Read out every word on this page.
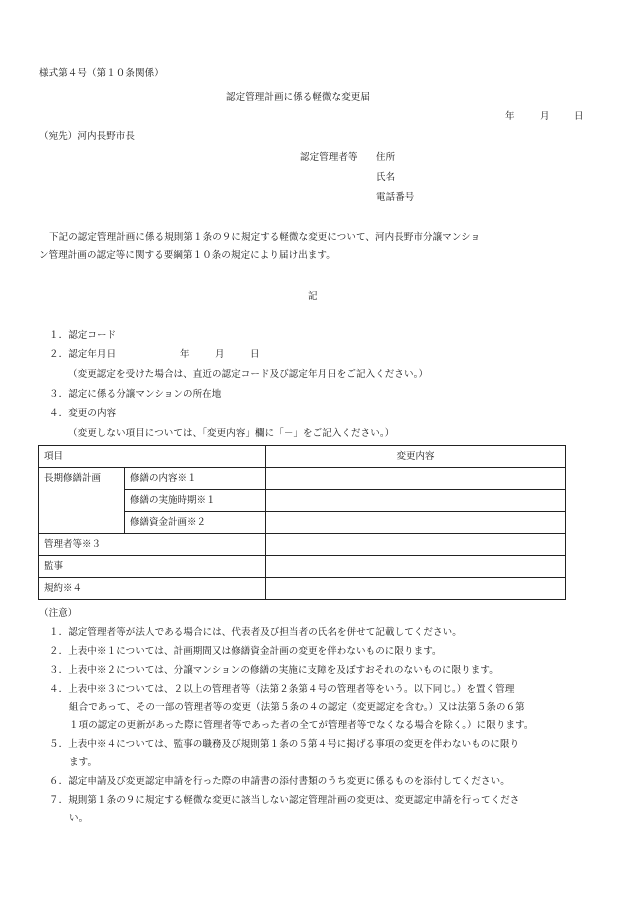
様式第４号（第１０条関係）
認定管理計画に係る軽微な変更届
年	月	日
（宛先）河内長野市長
認定管理者等 住所
氏名
電話番号
下記の認定管理計画に係る規則第１条の９に規定する軽微な変更について、河内長野市分譲マンショ
ン管理計画の認定等に関する要綱第１０条の規定により届け出ます。
記
１．認定コード
２．認定年月日	年	月	日
（変更認定を受けた場合は、直近の認定コード及び認定年月日をご記入ください。）
３．認定に係る分譲マンションの所在地
４．変更の内容
（変更しない項目については、「変更内容」欄に「－」をご記入ください。）
項目		変更内容
長期修繕計画	修繕の内容※１	
	修繕の実施時期※１	
	修繕資金計画※２	
管理者等※３		
監事		
規約※４		
（注意）
１．認定管理者等が法人である場合には、代表者及び担当者の氏名を併せて記載してください。
２．上表中※１については、計画期間又は修繕資金計画の変更を伴わないものに限ります。
３．上表中※２については、分譲マンションの修繕の実施に支障を及ぼすおそれのないものに限ります。
４．上表中※３については、２以上の管理者等（法第２条第４号の管理者等をいう。以下同じ。）を置く管理
組合であって、その一部の管理者等の変更（法第５条の４の認定（変更認定を含む。）又は法第５条の６第
１項の認定の更新があった際に管理者等であった者の全てが管理者等でなくなる場合を除く。）に限ります。
５．上表中※４については、監事の職務及び規則第１条の５第４号に掲げる事項の変更を伴わないものに限り
ます。
６．認定申請及び変更認定申請を行った際の申請書の添付書類のうち変更に係るものを添付してください。
７．規則第１条の９に規定する軽微な変更に該当しない認定管理計画の変更は、変更認定申請を行ってくださ
い。
